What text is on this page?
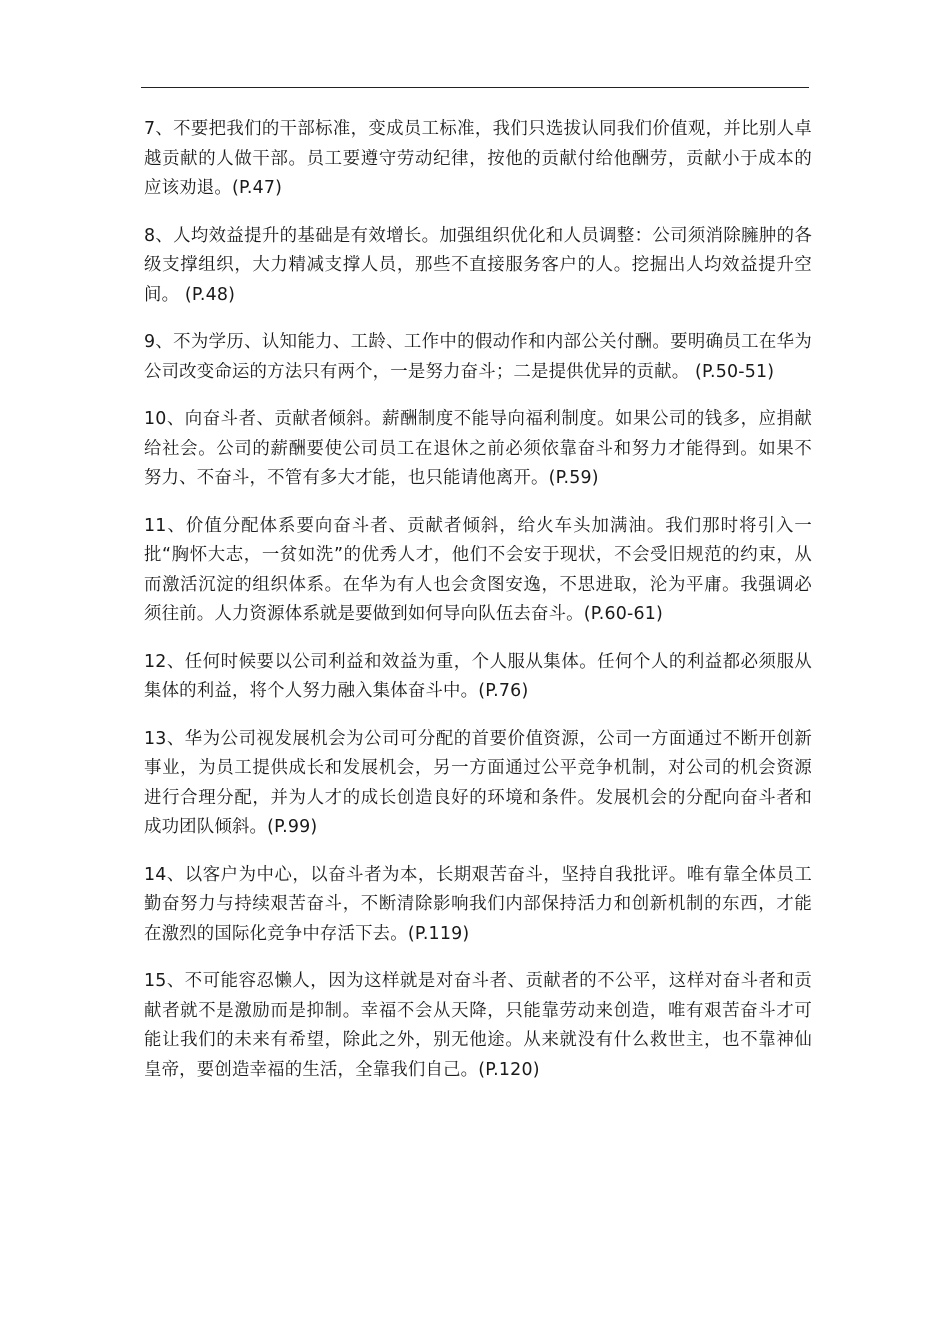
7、不要把我们的干部标准，变成员工标准，我们只选拔认同我们价值观，并比别人卓越贡献的人做干部。员工要遵守劳动纪律，按他的贡献付给他酬劳，贡献小于成本的应该劝退。(P.47)

8、人均效益提升的基础是有效增长。加强组织优化和人员调整：公司须消除臃肿的各级支撑组织，大力精减支撑人员，那些不直接服务客户的人。挖掘出人均效益提升空间。 (P.48)

9、不为学历、认知能力、工龄、工作中的假动作和内部公关付酬。要明确员工在华为公司改变命运的方法只有两个，一是努力奋斗；二是提供优异的贡献。 (P.50-51)

10、向奋斗者、贡献者倾斜。薪酬制度不能导向福利制度。如果公司的钱多，应捐献给社会。公司的薪酬要使公司员工在退休之前必须依靠奋斗和努力才能得到。如果不努力、不奋斗，不管有多大才能，也只能请他离开。(P.59)

11、价值分配体系要向奋斗者、贡献者倾斜，给火车头加满油。我们那时将引入一批“胸怀大志，一贫如洗”的优秀人才，他们不会安于现状，不会受旧规范的约束，从而激活沉淀的组织体系。在华为有人也会贪图安逸，不思进取，沦为平庸。我强调必须往前。人力资源体系就是要做到如何导向队伍去奋斗。(P.60-61)

12、任何时候要以公司利益和效益为重，个人服从集体。任何个人的利益都必须服从集体的利益，将个人努力融入集体奋斗中。(P.76)

13、华为公司视发展机会为公司可分配的首要价值资源，公司一方面通过不断开创新事业，为员工提供成长和发展机会，另一方面通过公平竞争机制，对公司的机会资源进行合理分配，并为人才的成长创造良好的环境和条件。发展机会的分配向奋斗者和成功团队倾斜。(P.99)

14、以客户为中心，以奋斗者为本，长期艰苦奋斗，坚持自我批评。唯有靠全体员工勤奋努力与持续艰苦奋斗，不断清除影响我们内部保持活力和创新机制的东西，才能在激烈的国际化竞争中存活下去。(P.119)

15、不可能容忍懒人，因为这样就是对奋斗者、贡献者的不公平，这样对奋斗者和贡献者就不是激励而是抑制。幸福不会从天降，只能靠劳动来创造，唯有艰苦奋斗才可能让我们的未来有希望，除此之外，别无他途。从来就没有什么救世主，也不靠神仙皇帝，要创造幸福的生活，全靠我们自己。(P.120)
